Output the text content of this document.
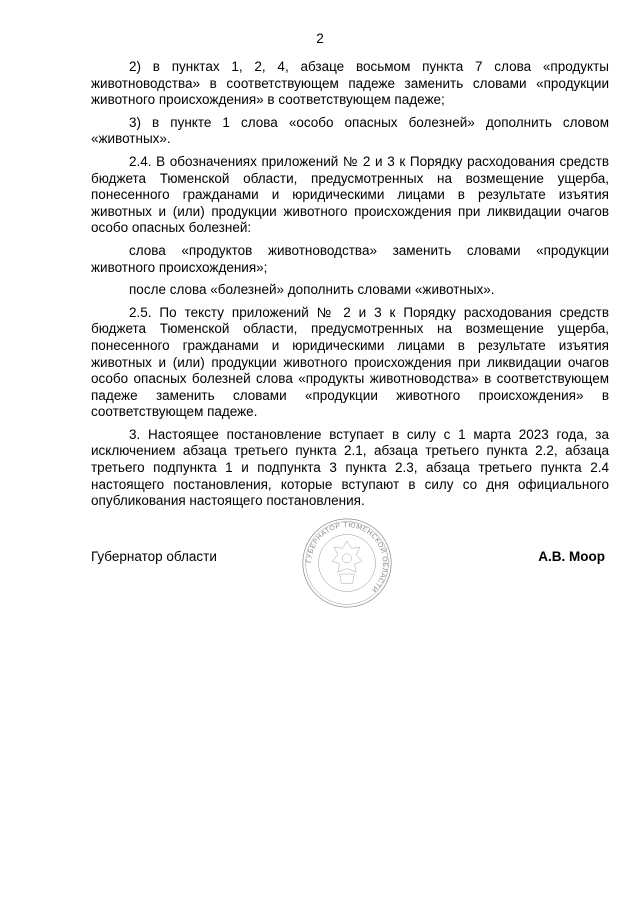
2

2) в пунктах 1, 2, 4, абзаце восьмом пункта 7 слова «продукты животноводства» в соответствующем падеже заменить словами «продукции животного происхождения» в соответствующем падеже;

3) в пункте 1 слова «особо опасных болезней» дополнить словом «животных».

2.4. В обозначениях приложений № 2 и 3 к Порядку расходования средств бюджета Тюменской области, предусмотренных на возмещение ущерба, понесенного гражданами и юридическими лицами в результате изъятия животных и (или) продукции животного происхождения при ликвидации очагов особо опасных болезней:

слова «продуктов животноводства» заменить словами «продукции животного происхождения»;

после слова «болезней» дополнить словами «животных».

2.5. По тексту приложений № 2 и 3 к Порядку расходования средств бюджета Тюменской области, предусмотренных на возмещение ущерба, понесенного гражданами и юридическими лицами в результате изъятия животных и (или) продукции животного происхождения при ликвидации очагов особо опасных болезней слова «продукты животноводства» в соответствующем падеже заменить словами «продукции животного происхождения» в соответствующем падеже.

3. Настоящее постановление вступает в силу с 1 марта 2023 года, за исключением абзаца третьего пункта 2.1, абзаца третьего пункта 2.2, абзаца третьего подпункта 1 и подпункта 3 пункта 2.3, абзаца третьего пункта 2.4 настоящего постановления, которые вступают в силу со дня официального опубликования настоящего постановления.

Губернатор области	А.В. Моор
ГУБЕРНАТОР ТЮМЕНСКОЙ ОБЛАСТИ
